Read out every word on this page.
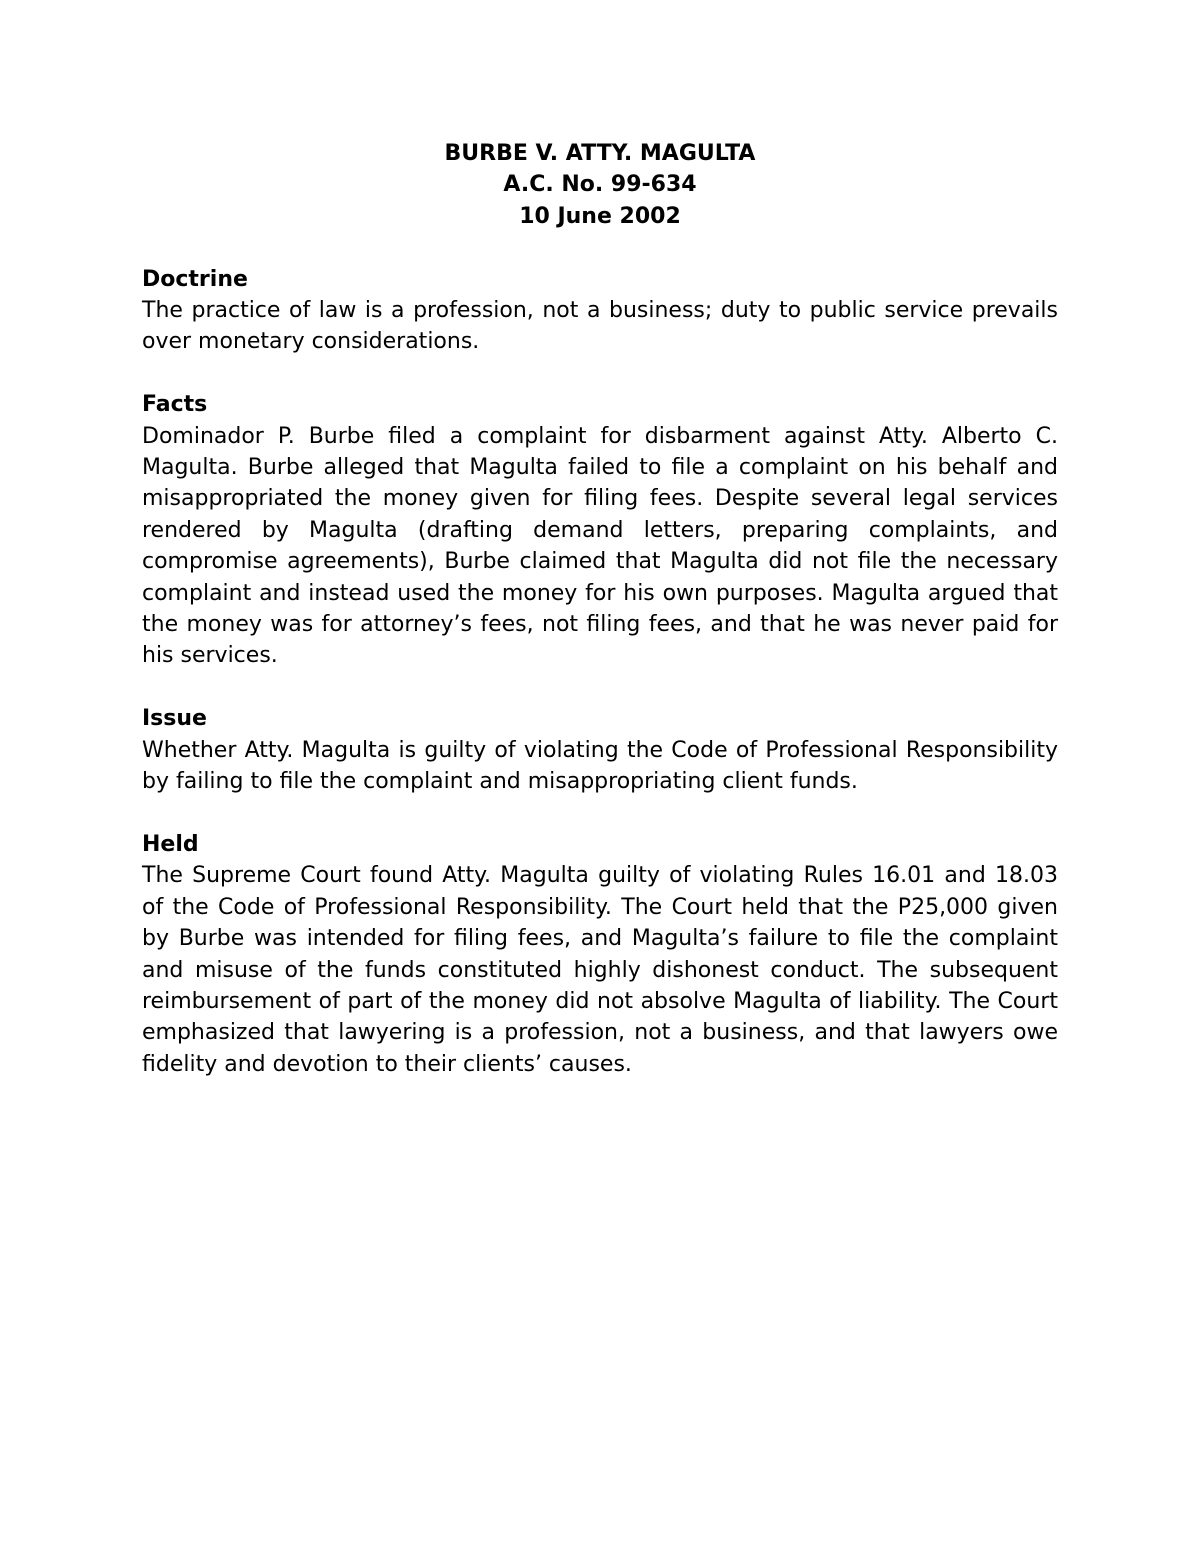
BURBE V. ATTY. MAGULTA
A.C. No. 99-634
10 June 2002
Doctrine
The practice of law is a profession, not a business; duty to public service prevails over monetary considerations.
Facts
Dominador P. Burbe filed a complaint for disbarment against Atty. Alberto C. Magulta. Burbe alleged that Magulta failed to file a complaint on his behalf and misappropriated the money given for filing fees. Despite several legal services rendered by Magulta (drafting demand letters, preparing complaints, and compromise agreements), Burbe claimed that Magulta did not file the necessary complaint and instead used the money for his own purposes. Magulta argued that the money was for attorney’s fees, not filing fees, and that he was never paid for his services.
Issue
Whether Atty. Magulta is guilty of violating the Code of Professional Responsibility by failing to file the complaint and misappropriating client funds.
Held
The Supreme Court found Atty. Magulta guilty of violating Rules 16.01 and 18.03 of the Code of Professional Responsibility. The Court held that the P25,000 given by Burbe was intended for filing fees, and Magulta’s failure to file the complaint and misuse of the funds constituted highly dishonest conduct. The subsequent reimbursement of part of the money did not absolve Magulta of liability. The Court emphasized that lawyering is a profession, not a business, and that lawyers owe fidelity and devotion to their clients’ causes.
